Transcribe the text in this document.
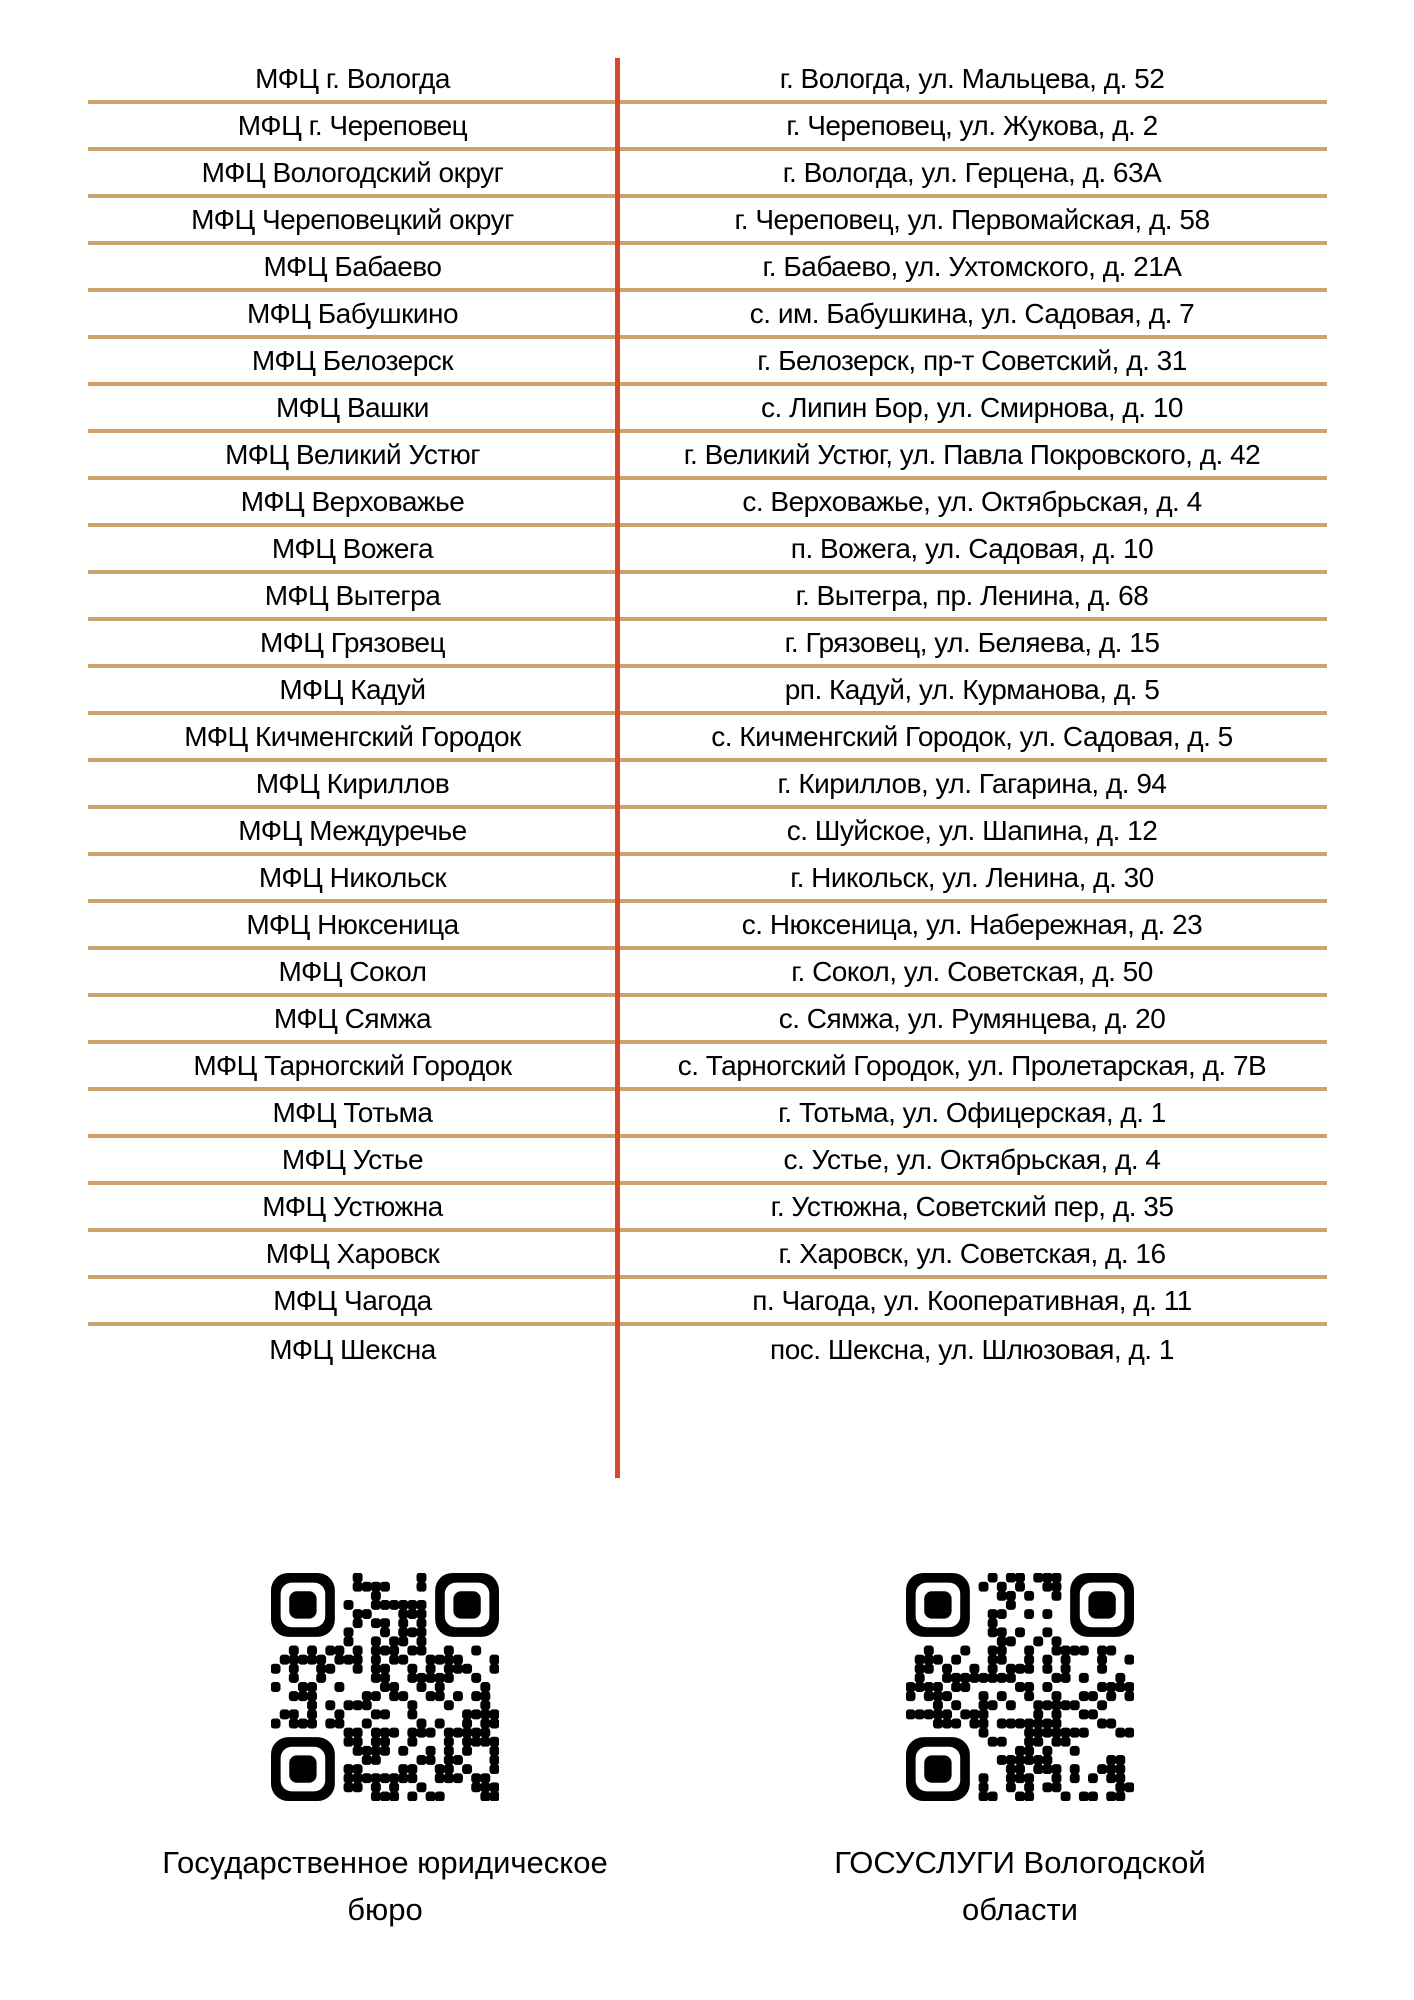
МФЦ г. Вологда	г. Вологда, ул. Мальцева, д. 52
МФЦ г. Череповец	г. Череповец, ул. Жукова, д. 2
МФЦ Вологодский округ	г. Вологда, ул. Герцена, д. 63А
МФЦ Череповецкий округ	г. Череповец, ул. Первомайская, д. 58
МФЦ Бабаево	г. Бабаево, ул. Ухтомского, д. 21А
МФЦ Бабушкино	с. им. Бабушкина, ул. Садовая, д. 7
МФЦ Белозерск	г. Белозерск, пр-т Советский, д. 31
МФЦ Вашки	с. Липин Бор, ул. Смирнова, д. 10
МФЦ Великий Устюг	г. Великий Устюг, ул. Павла Покровского, д. 42
МФЦ Верховажье	с. Верховажье, ул. Октябрьская, д. 4
МФЦ Вожега	п. Вожега, ул. Садовая, д. 10
МФЦ Вытегра	г. Вытегра, пр. Ленина, д. 68
МФЦ Грязовец	г. Грязовец, ул. Беляева, д. 15
МФЦ Кадуй	рп. Кадуй, ул. Курманова, д. 5
МФЦ Кичменгский Городок	с. Кичменгский Городок, ул. Садовая, д. 5
МФЦ Кириллов	г. Кириллов, ул. Гагарина, д. 94
МФЦ Междуречье	с. Шуйское, ул. Шапина, д. 12
МФЦ Никольск	г. Никольск, ул. Ленина, д. 30
МФЦ Нюксеница	с. Нюксеница, ул. Набережная, д. 23
МФЦ Сокол	г. Сокол, ул. Советская, д. 50
МФЦ Сямжа	с. Сямжа, ул. Румянцева, д. 20
МФЦ Тарногский Городок	с. Тарногский Городок, ул. Пролетарская, д. 7В
МФЦ Тотьма	г. Тотьма, ул. Офицерская, д. 1
МФЦ Устье	с. Устье, ул. Октябрьская, д. 4
МФЦ Устюжна	г. Устюжна, Советский пер, д. 35
МФЦ Харовск	г. Харовск, ул. Советская, д. 16
МФЦ Чагода	п. Чагода, ул. Кооперативная, д. 11
МФЦ Шексна	пос. Шексна, ул. Шлюзовая, д. 1
Государственное юридическое бюро
ГОСУСЛУГИ Вологодской области
